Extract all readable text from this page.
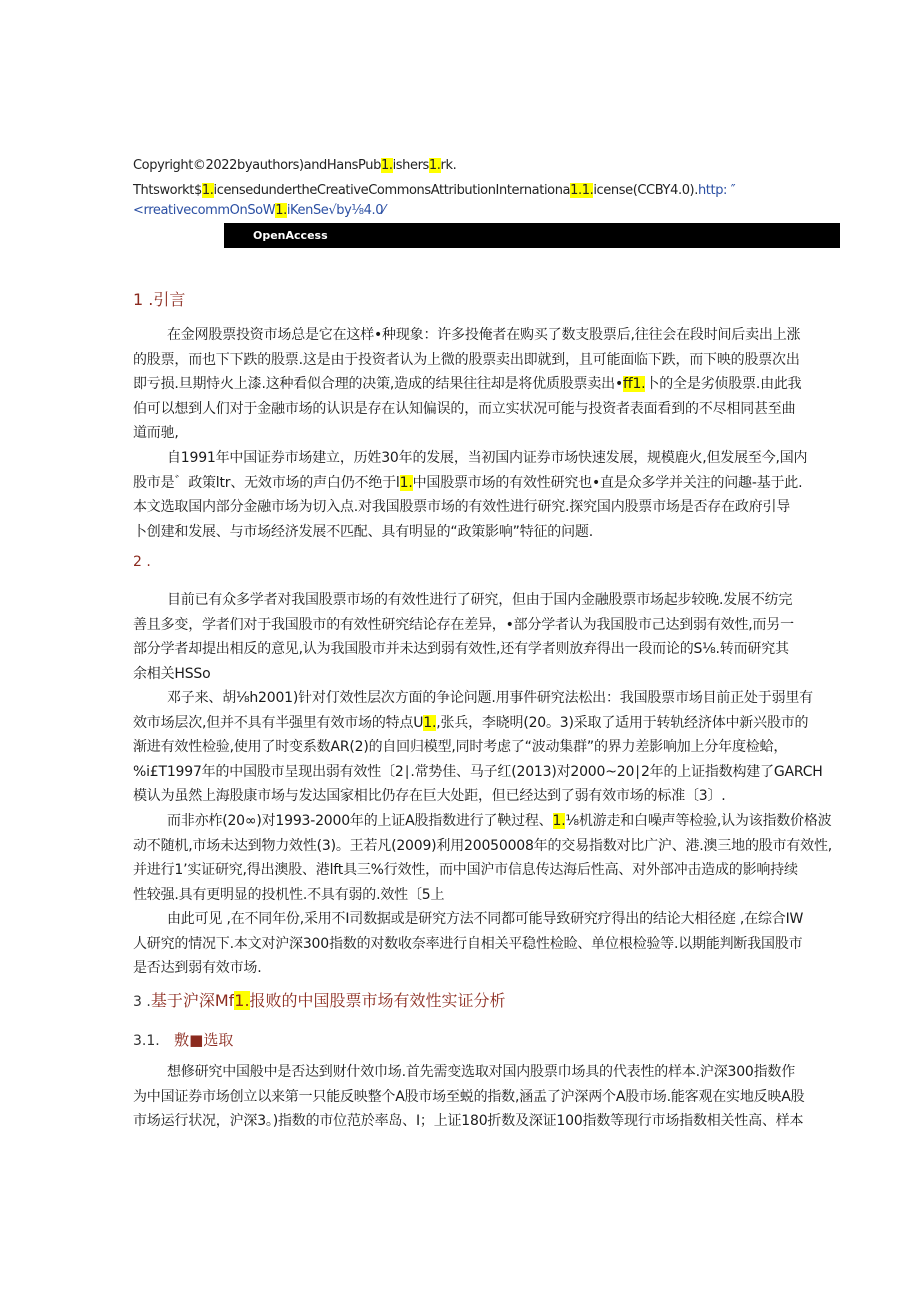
Copyright©2022byauthors)andHansPub1.ishers1.rk.
Thtsworkt$1.icensedundertheCreativeCommonsAttributionInternationa1.1.icense(CCBY4.0).http: ″
<rreativecommOnSoW1.iKenSe√by⅛4.0⁄
OpenAccess
1 .引言
在金网股票投资市场总是它在这样•种现象：许多投俺者在购买了数支股票后,往往会在段时间后卖出上涨
的股票，而也下下跌的股票.这是由于投资者认为上微的股票卖出即就到，且可能面临下跌，而下映的股票次出
即亏损.旦期恃火上漆.这种看似合理的决策,造成的结果往往却是将优质股票卖出•ff1.卜的全是劣侦股票.由此我
伯可以想到人们对于金融市场的认识是存在认知偏误的，而立实状况可能与投资者表面看到的不尽相同甚至曲
道而驰,
自1991年中国证券市场建立，历姓30年的发展，当初国内证券市场快速发展，规模鹿火,但发展至今,国内
股市是゛政策ltr、无效市场的声白仍不绝于l1.中国股票市场的有效性研究也•直是众多学并关注的问趣-基于此.
本文选取国内部分金融市场为切入点.对我国股票市场的有效性进行研究.探究国内股票市场是否存在政府引导
卜创建和发展、与市场经济发展不匹配、具有明显的“政策影响”特征的问题.
2 .
目前已有众多学者对我国股票市场的有效性进行了研究，但由于国内金融股票市场起步较晚.发展不纺完
善且多变，学者们对于我国股市的有效性研究结论存在差异，•部分学者认为我国股市己达到弱有效性,而另一
部分学者却提出相反的意见,认为我国股市并未达到弱有效性,还有学者则放弃得出一段而论的S⅛.转而研究其
余相关HSSo
邓子来、胡⅛h2001)针对仃效性层次方面的争论问题.用事件研究法松出：我国股票市场目前正处于弱里有
效市场层次,但并不具有半强里有效市场的特点U1.,张兵，李晓明(20。3)采取了适用于转轨经济体中新兴股市的
渐进有效性检验,使用了时变系数AR(2)的自回归模型,同时考虑了“波动集群”的界力差影响加上分年度检蛤，
%i£T1997年的中国股市呈现出弱有效性〔2∣.常势佳、马子红(2013)对2000~20∣2年的上证指数构建了GARCH
模认为虽然上海股康市场与发达国家相比仍存在巨大处距，但已经达到了弱有效市场的标准〔3〕.
而非亦柞(20∞)对1993-2000年的上证A股指数进行了鞅过程、1.⅛机游走和白噪声等检验,认为该指数价格波
动不随机,市场未达到物力效性(3)。王若凡(2009)利用20050008年的交易指数对比广沪、港.澳三地的股市有效性,
并进行1’实证研究,得出澳股、港lft具三%行效性，而中国沪市信息传达海后性高、对外部冲击造成的影响持续
性较强.具有更明显的投机性.不具有弱的.效性〔5上
由此可见 ,在不同年份,采用不I司数据或是研究方法不同都可能导致研究疗得出的结论大相径庭 ,在综合IW
人研究的情况下.本文对沪深300指数的对数收奈率进行自相关平稳性检睑、单位根检验等.以期能判断我国股市
是否达到弱有效市场.
3 .基于沪深Mf1.报败的中国股票市场有效性实证分析
3.1. 敷■选取
想修研究中国般中是否达到财什效巾场.首先需变选取对国内股票巾场具的代表性的样本.沪深300指数作
为中国证券市场创立以来第一只能反映整个A股市场至蜕的指数,涵盂了沪深两个A股市场.能客观在实地反映A股
市场运行状况，沪深3。)指数的市位范於率岛、I；上证180折数及深证100指数等现行市场指数相关性高、样本
